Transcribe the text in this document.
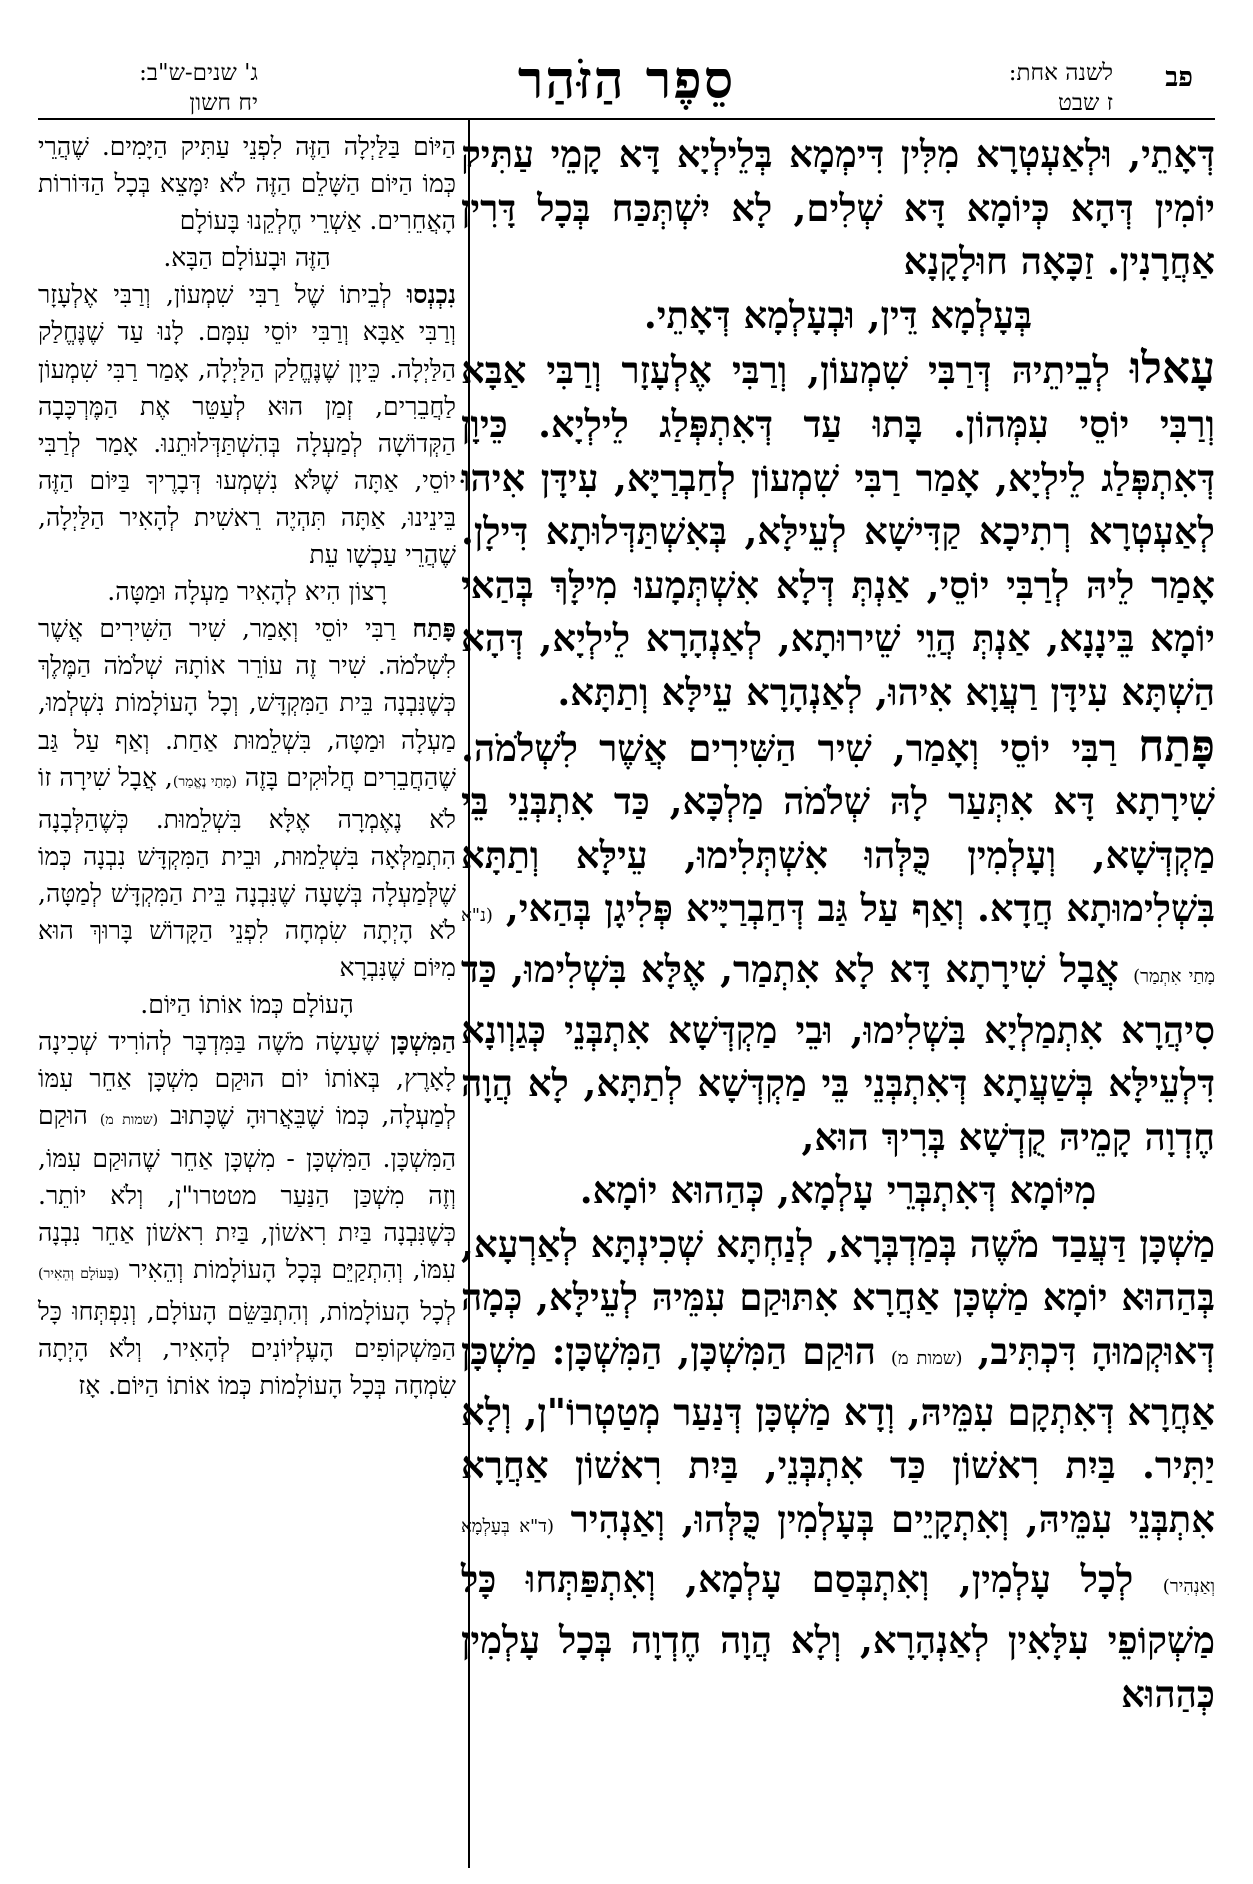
פב
לשנה אחת:
ז שבט
סֵפֶר הַזֹּהַר
ג' שנים-ש"ב:
יח חשון

דְּאָתֵי, וּלְאַעְטְרָא מִלִּין דִּימְמָא בְּלֵילְיָא דָּא קָמֵי עַתִּיק יוֹמִין דְּהָא כְּיוֹמָא דָּא שְׁלִים, לָא יִשְׁתְּכַּח בְּכָל דָּרִין אַחֲרָנִין. זַכָּאָה חוּלָקָנָא

בְּעָלְמָא דֵּין, וּבְעָלְמָא דְּאָתֵי.

עָאלוּ לְבֵיתֵיהּ דְּרַבִּי שִׁמְעוֹן, וְרַבִּי אֶלְעָזָר וְרַבִּי אַבָּא וְרַבִּי יוֹסֵי עִמְּהוֹן. בָּתוּ עַד דְּאִתְפְּלַג לֵילְיָא. כֵּיוָן דְּאִתְפְּלַג לֵילְיָא, אָמַר רַבִּי שִׁמְעוֹן לְחַבְרַיָּא, עִידָּן אִיהוּ לְאַעְטְרָא רְתִיכָא קַדִּישָׁא לְעֵילָּא, בְּאִשְׁתַּדְּלוּתָא דִּילָן. אָמַר לֵיהּ לְרַבִּי יוֹסֵי, אַנְתְּ דְּלָא אִשְׁתְּמָעוּ מִילָּךְ בְּהַאי יוֹמָא בֵּינָנָא, אַנְתְּ הֲוֵי שֵׁירוּתָא, לְאַנְהָרָא לֵילְיָא, דְּהָא הַשְׁתָּא עִידָּן רַעֲוָא אִיהוּ, לְאַנְהָרָא עֵילָּא וְתַתָּא.

פָּתַח רַבִּי יוֹסֵי וְאָמַר, שִׁיר הַשִּׁירִים אֲשֶׁר לִשְׁלֹמֹה. שִׁירָתָא דָּא אִתְּעַר לָהּ שְׁלֹמֹה מַלְכָּא, כַּד אִתְבְּנֵי בֵּי מַקְדְּשָׁא, וְעָלְמִין כֻּלְּהוּ אִשְׁתְּלִימוּ, עֵילָּא וְתַתָּא בִּשְׁלִימוּתָא חֲדָא. וְאַף עַל גַּב דְּחַבְרַיָּיא פְּלִיגָן בְּהַאי, (נ"א מָתַי אִתְמַר) אֲבָל שִׁירָתָא דָּא לָא אִתְמַר, אֶלָּא בִּשְׁלִימוּ, כַּד סִיהֲרָא אִתְמַלְיָא בִּשְׁלִימוּ, וּבֵי מַקְדְּשָׁא אִתְבְּנֵי כְּגַוְונָא דִּלְעֵילָּא בְּשַׁעֲתָא דְּאִתְבְּנֵי בֵּי מַקְדְּשָׁא לְתַתָּא, לָא הֲוָה חֶדְוָה קָמֵיהּ קֻדְשָׁא בְּרִיךְ הוּא,

מִיּוֹמָא דְּאִתְבְּרֵי עָלְמָא, כְּהַהוּא יוֹמָא.

מַשְׁכָּן דַּעֲבַד מֹשֶׁה בְּמַדְבְּרָא, לְנַחְתָּא שְׁכִינְתָּא לְאַרְעָא, בְּהַהוּא יוֹמָא מַשְׁכָּן אַחֲרָא אִתּוּקַם עִמֵּיהּ לְעֵילָּא, כְּמָה דְּאוּקְמוּהָ דִּכְתִּיב, (שמות מ) הוּקַם הַמִּשְׁכָּן, הַמִּשְׁכָּן: מַשְׁכָּן אַחֲרָא דְּאִתְקָם עִמֵּיהּ, וְדָא מַשְׁכָּן דְּנַעַר מְטַטְרוֹ"ן, וְלָא יַתִּיר. בַּיִת רִאשׁוֹן כַּד אִתְבְּנֵי, בַּיִת רִאשׁוֹן אַחֲרָא אִתְבְּנֵי עִמֵּיהּ, וְאִתְקָיֵים בְּעָלְמִין כֻּלְּהוּ, וְאַנְהִיר (ד"א בְּעָלְמָא וְאַנְהִיר) לְכָל עָלְמִין, וְאִתְבְּסַם עָלְמָא, וְאִתְפַּתְּחוּ כָּל מַשְׁקוֹפֵי עִלָּאִין לְאַנְהָרָא, וְלָא הֲוָה חֶדְוָה בְּכָל עָלְמִין כְּהַהוּא

הַיּוֹם בַּלַּיְלָה הַזֶּה לִפְנֵי עַתִּיק הַיָּמִים. שֶׁהֲרֵי כְּמוֹ הַיּוֹם הַשָּׁלֵם הַזֶּה לֹא יִמָּצֵא בְּכָל הַדּוֹרוֹת הָאֲחֵרִים. אַשְׁרֵי חֶלְקֵנוּ בָּעוֹלָם

הַזֶּה וּבָעוֹלָם הַבָּא.

נִכְנְסוּ לְבֵיתוֹ שֶׁל רַבִּי שִׁמְעוֹן, וְרַבִּי אֶלְעָזָר וְרַבִּי אַבָּא וְרַבִּי יוֹסֵי עִמָּם. לָנוּ עַד שֶׁנֶּחֱלַק הַלַּיְלָה. כֵּיוָן שֶׁנֶּחֱלַק הַלַּיְלָה, אָמַר רַבִּי שִׁמְעוֹן לַחֲבֵרִים, זְמַן הוּא לְעַטֵּר אֶת הַמֶּרְכָּבָה הַקְּדוֹשָׁה לְמַעְלָה בְּהִשְׁתַּדְּלוּתֵנוּ. אָמַר לְרַבִּי יוֹסֵי, אַתָּה שֶׁלֹּא נִשְׁמְעוּ דְּבָרֶיךָ בַּיּוֹם הַזֶּה בֵּינֵינוּ, אַתָּה תִּהְיֶה רֵאשִׁית לְהָאִיר הַלַּיְלָה, שֶׁהֲרֵי עַכְשָׁו עֵת

רָצוֹן הִיא לְהָאִיר מַעְלָה וּמַטָּה.

פָּתַח רַבִּי יוֹסֵי וְאָמַר, שִׁיר הַשִּׁירִים אֲשֶׁר לִשְׁלֹמֹה. שִׁיר זֶה עוֹרֵר אוֹתָהּ שְׁלֹמֹה הַמֶּלֶךְ כְּשֶׁנִּבְנָה בֵּית הַמִּקְדָּשׁ, וְכָל הָעוֹלָמוֹת נִשְׁלְמוּ, מַעְלָה וּמַטָּה, בִּשְׁלֵמוּת אַחַת. וְאַף עַל גַּב שֶׁהַחֲבֵרִים חֲלוּקִים בָּזֶה (מָתַי נֶאֱמַר), אֲבָל שִׁירָה זוֹ לֹא נֶאֶמְרָה אֶלָּא בִּשְׁלֵמוּת. כְּשֶׁהַלְּבָנָה הִתְמַלְּאָה בִּשְׁלֵמוּת, וּבֵית הַמִּקְדָּשׁ נִבְנָה כְּמוֹ שֶׁלְּמַעְלָה בְּשָׁעָה שֶׁנִּבְנָה בֵּית הַמִּקְדָּשׁ לְמַטָּה, לֹא הָיְתָה שִׂמְחָה לִפְנֵי הַקָּדוֹשׁ בָּרוּךְ הוּא מִיּוֹם שֶׁנִּבְרָא

הָעוֹלָם כְּמוֹ אוֹתוֹ הַיּוֹם.

הַמִּשְׁכָּן שֶׁעָשָׂה מֹשֶׁה בַּמִּדְבָּר לְהוֹרִיד שְׁכִינָה לָאָרֶץ, בְּאוֹתוֹ יוֹם הוּקַם מִשְׁכָּן אַחֵר עִמּוֹ לְמַעְלָה, כְּמוֹ שֶׁבֵּאֲרוּהָ שֶׁכָּתוּב (שמות מ) הוּקַם הַמִּשְׁכָּן. הַמִּשְׁכָּן - מִשְׁכָּן אַחֵר שֶׁהוּקַם עִמּוֹ, וְזֶה מִשְׁכַּן הַנַּעַר מטטרו"ן, וְלֹא יוֹתֵר. כְּשֶׁנִּבְנָה בַּיִת רִאשׁוֹן, בַּיִת רִאשׁוֹן אַחֵר נִבְנָה עִמּוֹ, וְהִתְקַיֵּם בְּכָל הָעוֹלָמוֹת וְהֵאִיר (בָּעוֹלָם וְהֵאִיר) לְכָל הָעוֹלָמוֹת, וְהִתְבַּשֵּׂם הָעוֹלָם, וְנִפְתְּחוּ כָּל הַמַּשְׁקוֹפִים הָעֶלְיוֹנִים לְהָאִיר, וְלֹא הָיְתָה שִׂמְחָה בְּכָל הָעוֹלָמוֹת כְּמוֹ אוֹתוֹ הַיּוֹם. אָז
